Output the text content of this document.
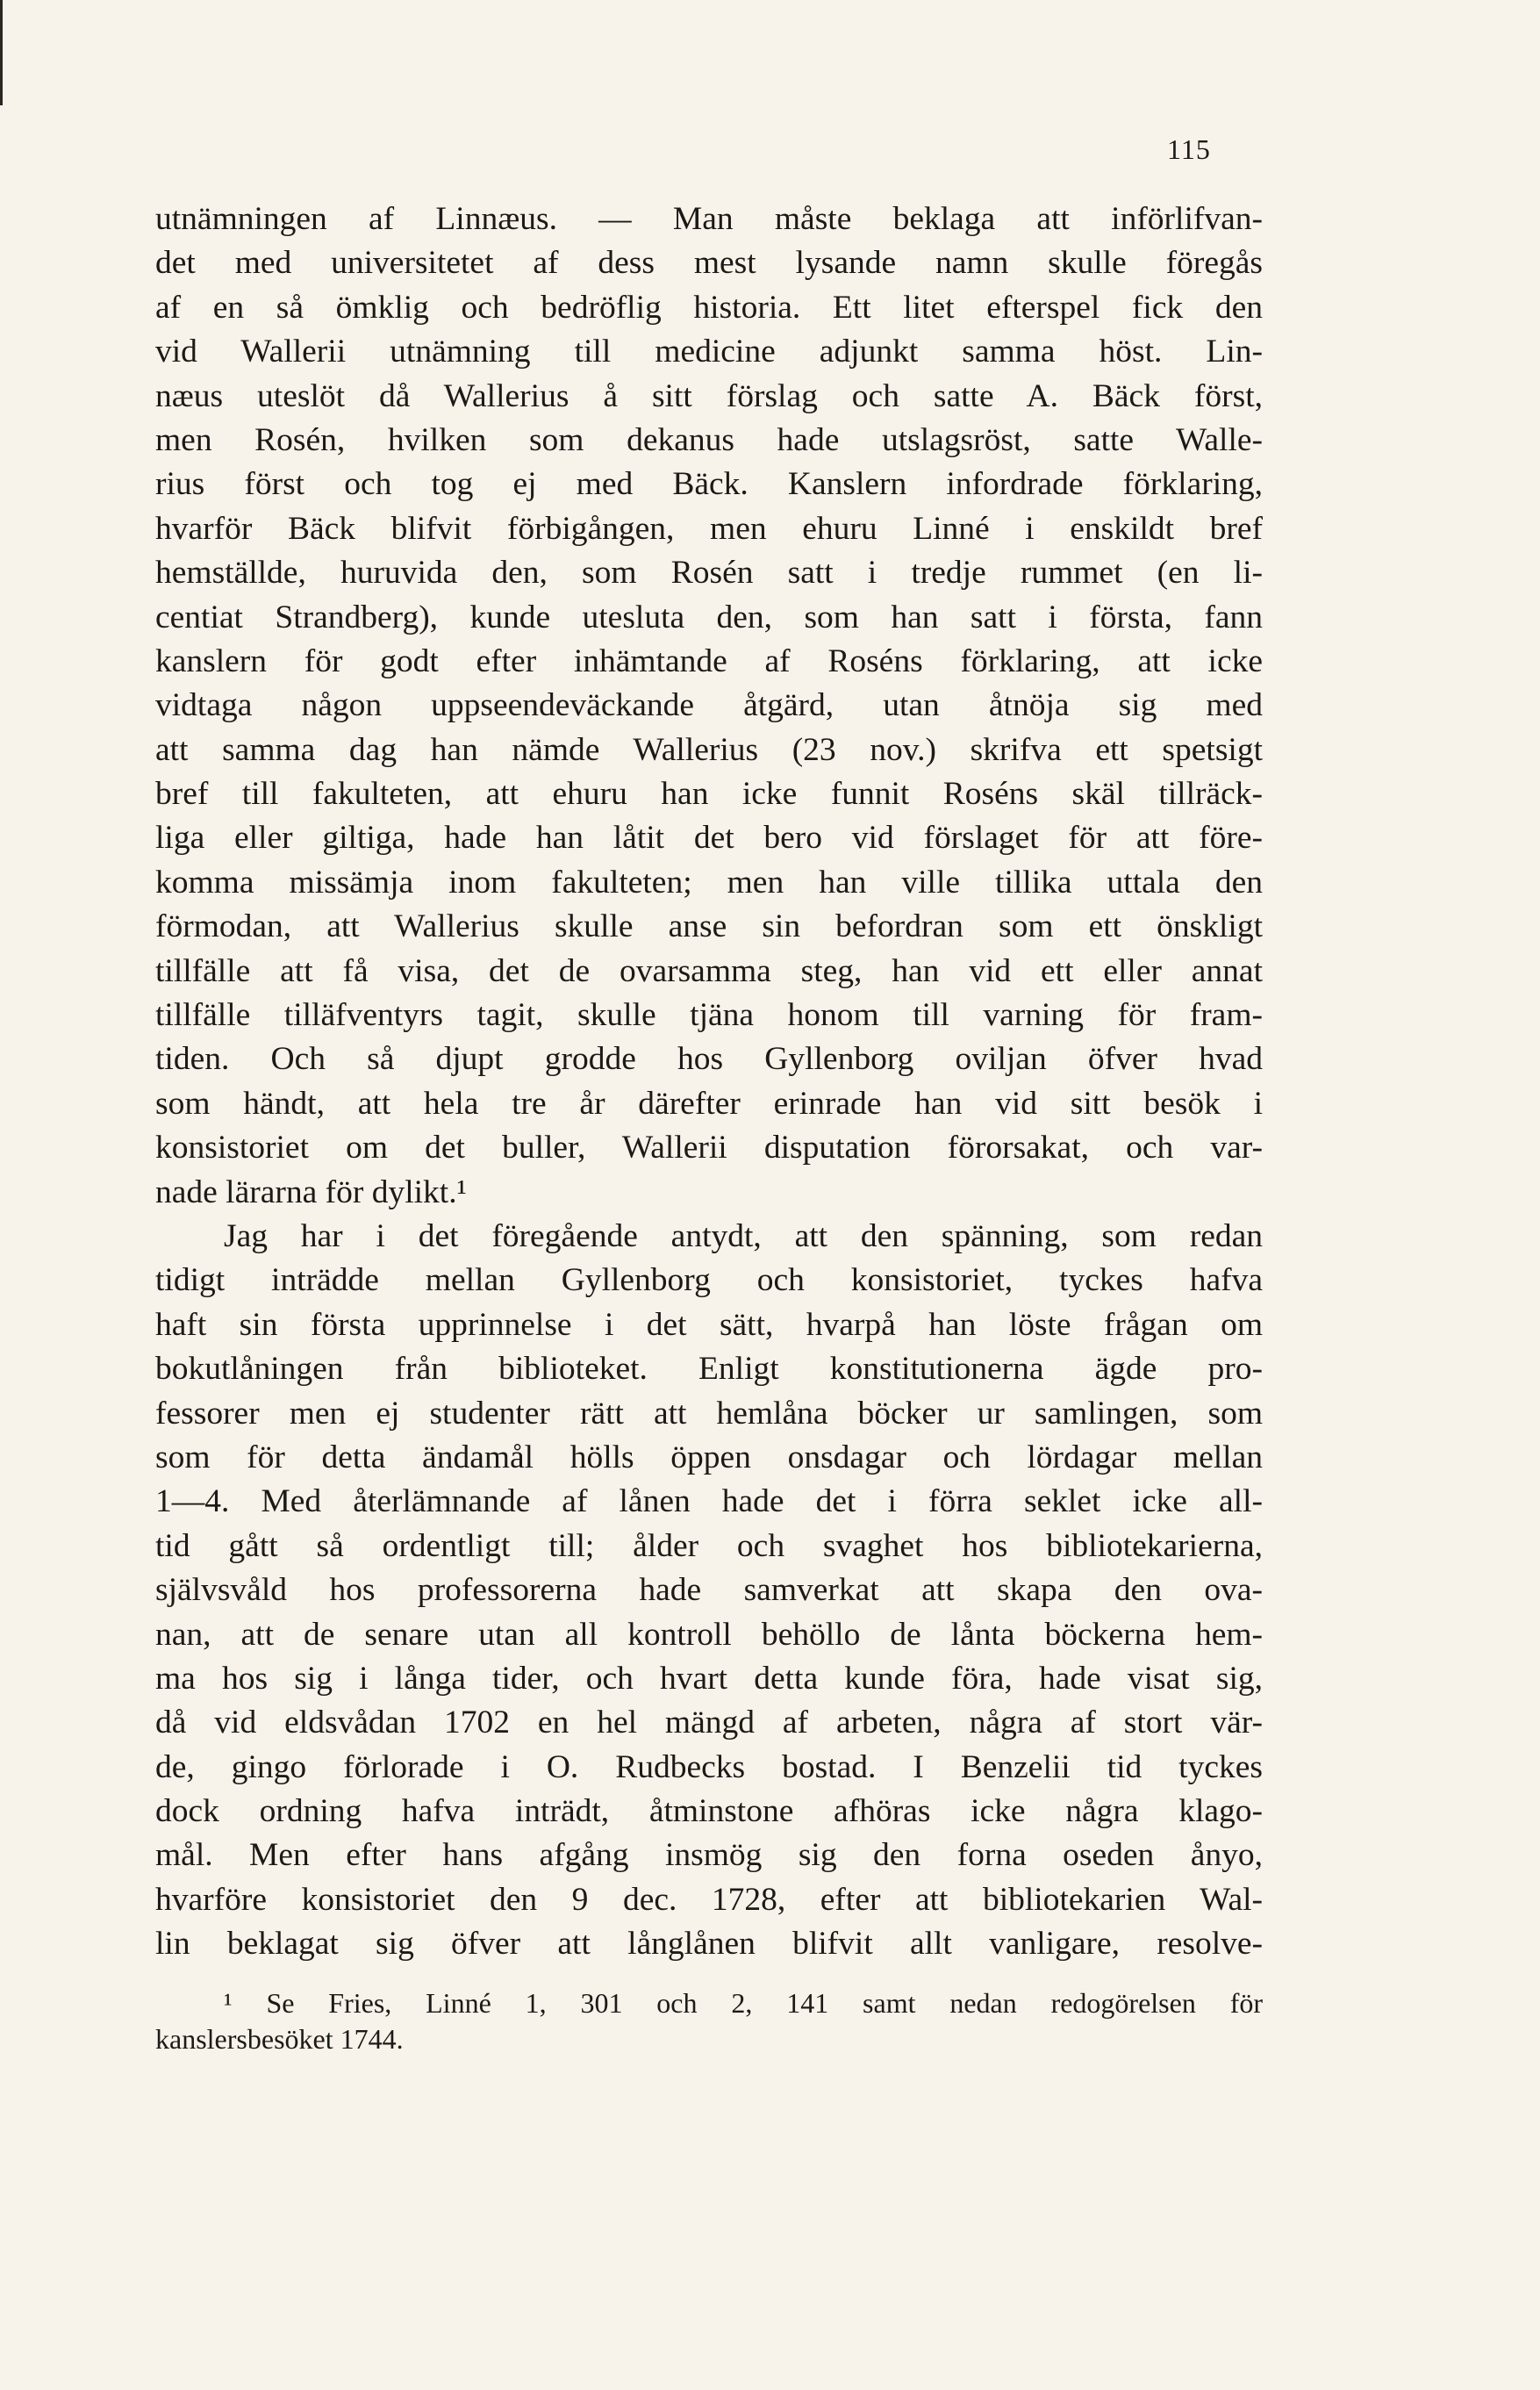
115
utnämningen af Linnæus. — Man måste beklaga att införlifvan-
det med universitetet af dess mest lysande namn skulle föregås
af en så ömklig och bedröflig historia. Ett litet efterspel fick den
vid Wallerii utnämning till medicine adjunkt samma höst. Lin-
næus uteslöt då Wallerius å sitt förslag och satte A. Bäck först,
men Rosén, hvilken som dekanus hade utslagsröst, satte Walle-
rius först och tog ej med Bäck. Kanslern infordrade förklaring,
hvarför Bäck blifvit förbigången, men ehuru Linné i enskildt bref
hemställde, huruvida den, som Rosén satt i tredje rummet (en li-
centiat Strandberg), kunde utesluta den, som han satt i första, fann
kanslern för godt efter inhämtande af Roséns förklaring, att icke
vidtaga någon uppseendeväckande åtgärd, utan åtnöja sig med
att samma dag han nämde Wallerius (23 nov.) skrifva ett spetsigt
bref till fakulteten, att ehuru han icke funnit Roséns skäl tillräck-
liga eller giltiga, hade han låtit det bero vid förslaget för att före-
komma missämja inom fakulteten; men han ville tillika uttala den
förmodan, att Wallerius skulle anse sin befordran som ett önskligt
tillfälle att få visa, det de ovarsamma steg, han vid ett eller annat
tillfälle tilläfventyrs tagit, skulle tjäna honom till varning för fram-
tiden. Och så djupt grodde hos Gyllenborg oviljan öfver hvad
som händt, att hela tre år därefter erinrade han vid sitt besök i
konsistoriet om det buller, Wallerii disputation förorsakat, och var-
nade lärarna för dylikt.¹
Jag har i det föregående antydt, att den spänning, som redan
tidigt inträdde mellan Gyllenborg och konsistoriet, tyckes hafva
haft sin första upprinnelse i det sätt, hvarpå han löste frågan om
bokutlåningen från biblioteket. Enligt konstitutionerna ägde pro-
fessorer men ej studenter rätt att hemlåna böcker ur samlingen, som
som för detta ändamål hölls öppen onsdagar och lördagar mellan
1—4. Med återlämnande af lånen hade det i förra seklet icke all-
tid gått så ordentligt till; ålder och svaghet hos bibliotekarierna,
självsvåld hos professorerna hade samverkat att skapa den ova-
nan, att de senare utan all kontroll behöllo de lånta böckerna hem-
ma hos sig i långa tider, och hvart detta kunde föra, hade visat sig,
då vid eldsvådan 1702 en hel mängd af arbeten, några af stort vär-
de, gingo förlorade i O. Rudbecks bostad. I Benzelii tid tyckes
dock ordning hafva inträdt, åtminstone afhöras icke några klago-
mål. Men efter hans afgång insmög sig den forna oseden ånyo,
hvarföre konsistoriet den 9 dec. 1728, efter att bibliotekarien Wal-
lin beklagat sig öfver att långlånen blifvit allt vanligare, resolve-
¹ Se Fries, Linné 1, 301 och 2, 141 samt nedan redogörelsen för
kanslersbesöket 1744.
